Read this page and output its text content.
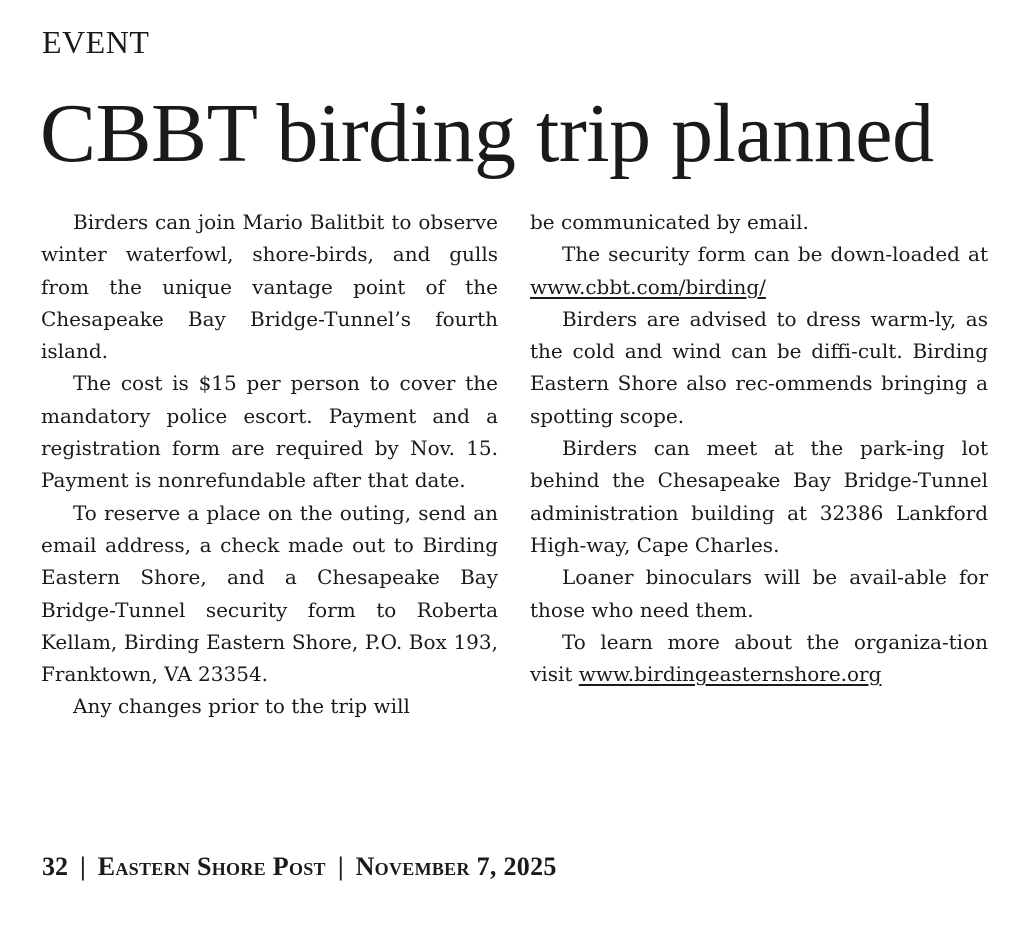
EVENT
CBBT birding trip planned

Birders can join Mario Balitbit to observe winter waterfowl, shore-birds, and gulls from the unique vantage point of the Chesapeake Bay Bridge-Tunnel’s fourth island.

The cost is $15 per person to cover the mandatory police escort. Payment and a registration form are required by Nov. 15. Payment is nonrefundable after that date.

To reserve a place on the outing, send an email address, a check made out to Birding Eastern Shore, and a Chesapeake Bay Bridge-Tunnel security form to Roberta Kellam, Birding Eastern Shore, P.O. Box 193, Franktown, VA 23354.

Any changes prior to the trip will

be communicated by email.

The security form can be down-loaded at www.cbbt.com/birding/

Birders are advised to dress warm-ly, as the cold and wind can be diffi-cult. Birding Eastern Shore also rec-ommends bringing a spotting scope.

Birders can meet at the park-ing lot behind the Chesapeake Bay Bridge-Tunnel administration building at 32386 Lankford High-way, Cape Charles.

Loaner binoculars will be avail-able for those who need them.

To learn more about the organiza-tion visit www.birdingeasternshore.org

32 | Eastern Shore Post | November 7, 2025
